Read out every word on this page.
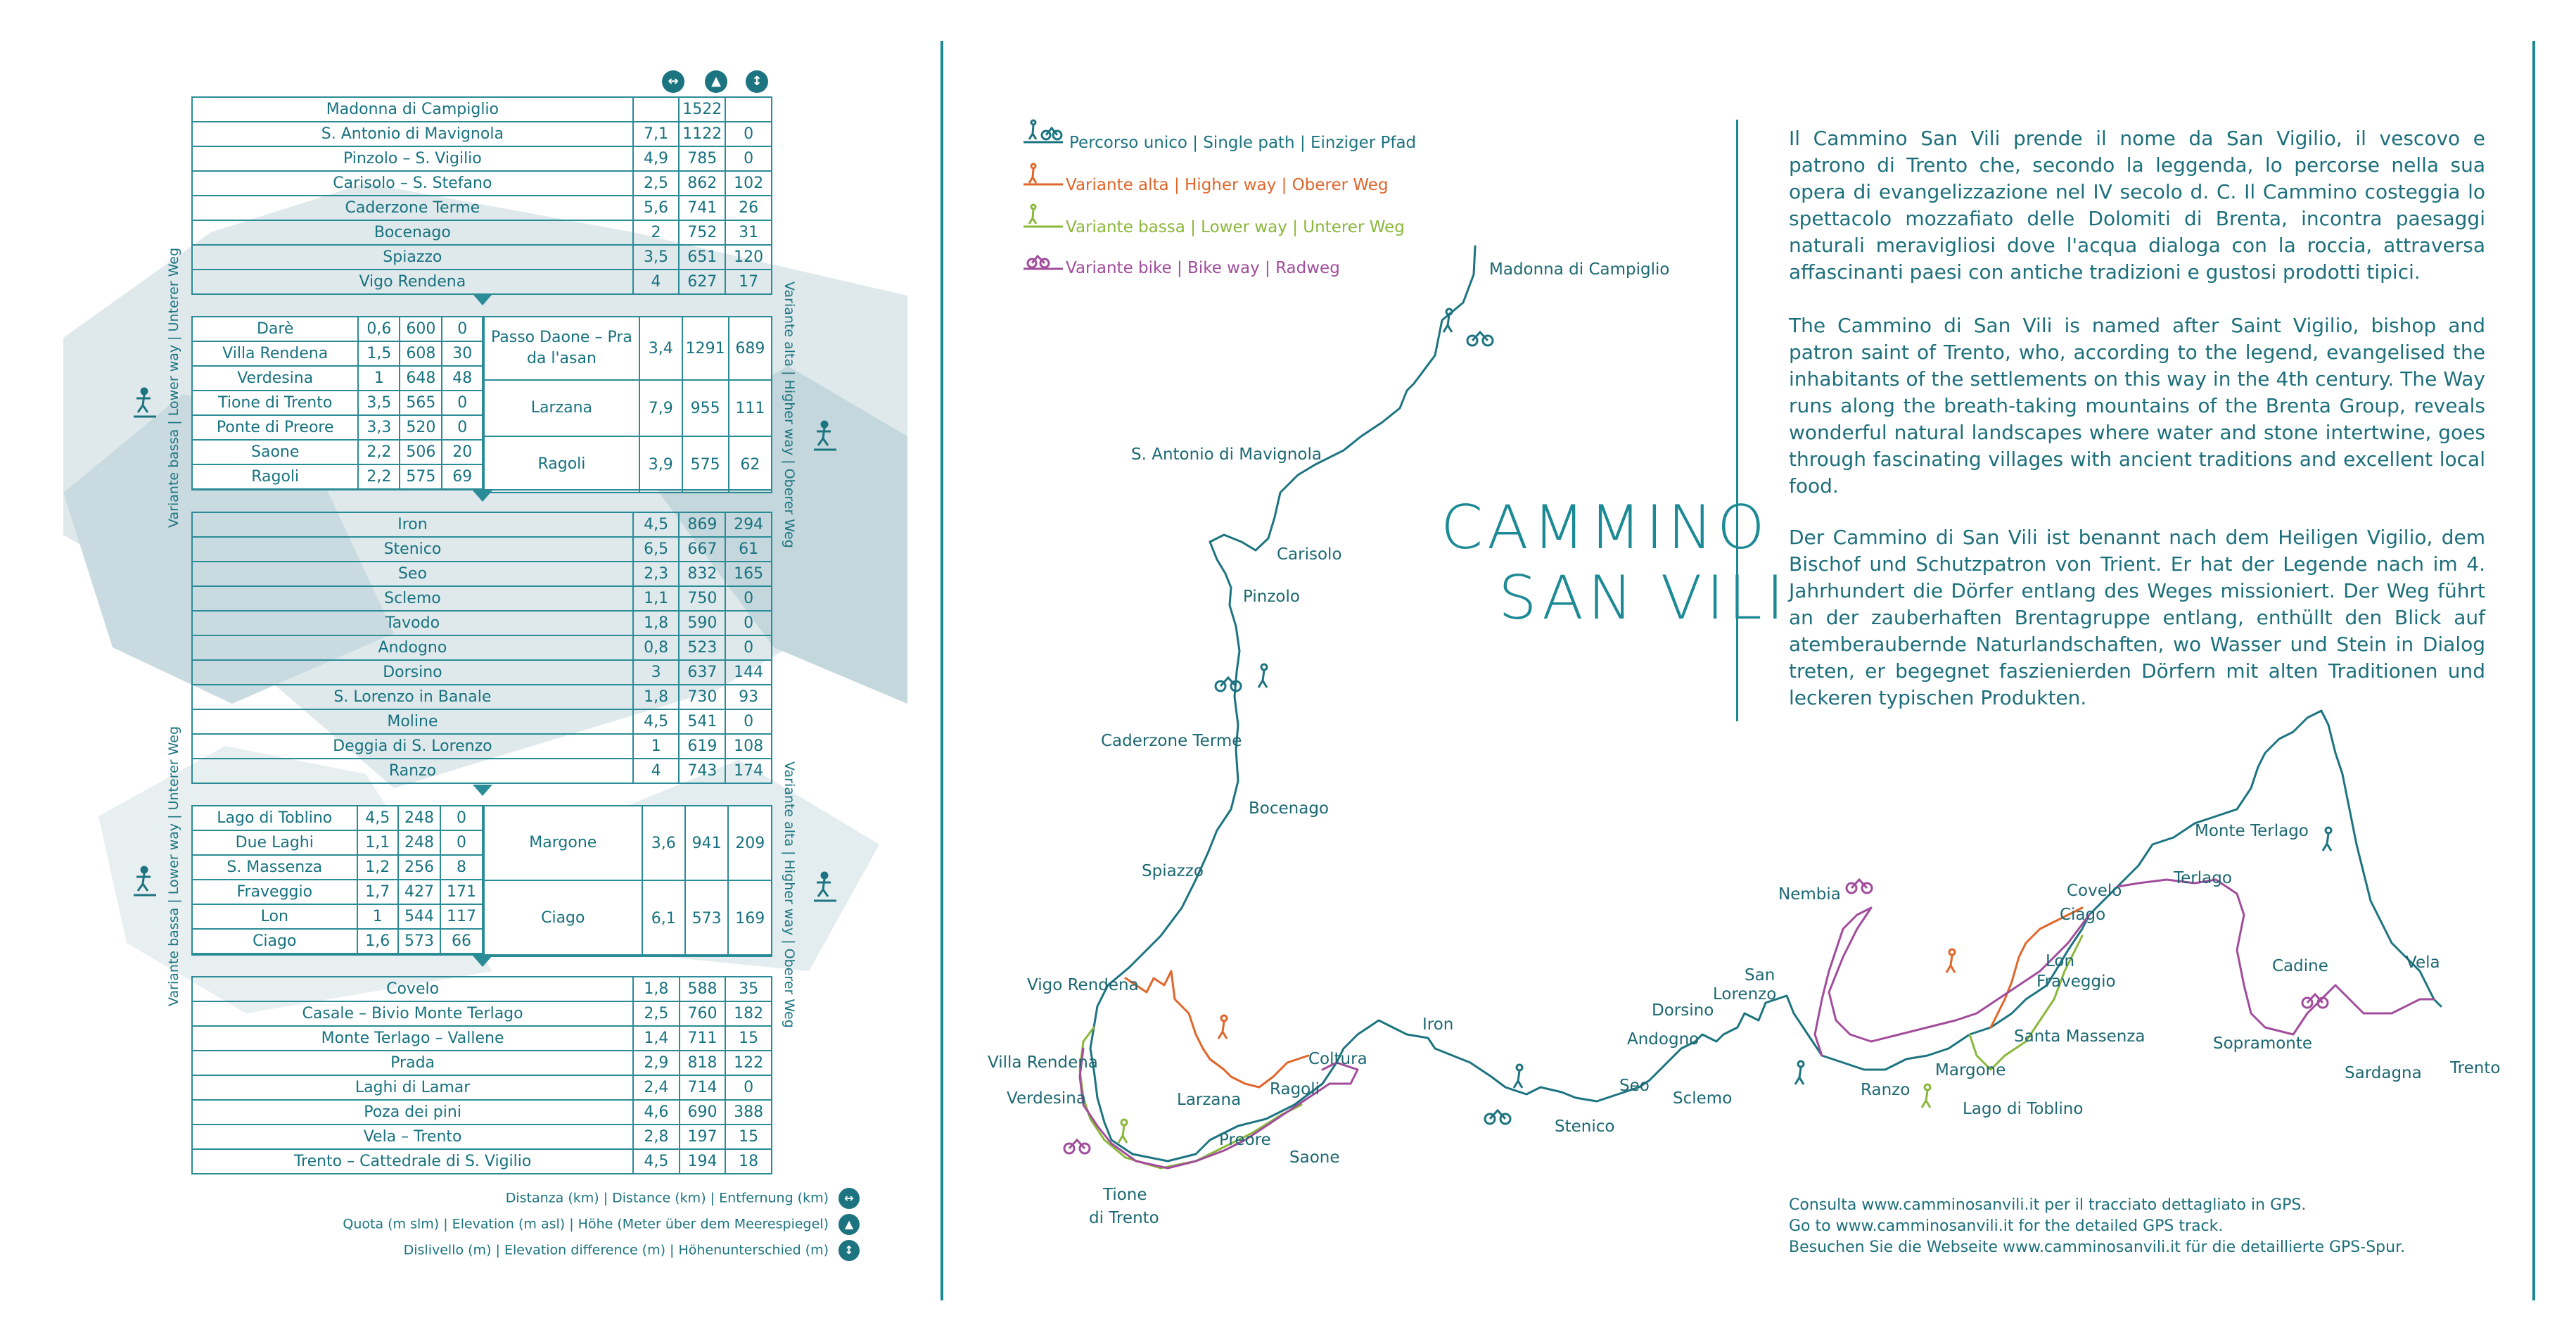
↔	▲	↕
Madonna di Campiglio		1522	
S. Antonio di Mavignola	7,1	1122	0
Pinzolo – S. Vigilio	4,9	785	0
Carisolo – S. Stefano	2,5	862	102
Caderzone Terme	5,6	741	26
Bocenago	2	752	31
Spiazzo	3,5	651	120
Vigo Rendena	4	627	17
Darè	0,6	600	0
Villa Rendena	1,5	608	30
Verdesina	1	648	48
Tione di Trento	3,5	565	0
Ponte di Preore	3,3	520	0
Saone	2,2	506	20
Ragoli	2,2	575	69
Passo Daone – Pra da l'asan	3,4	1291	689
Larzana	7,9	955	111
Ragoli	3,9	575	62
Iron	4,5	869	294
Stenico	6,5	667	61
Seo	2,3	832	165
Sclemo	1,1	750	0
Tavodo	1,8	590	0
Andogno	0,8	523	0
Dorsino	3	637	144
S. Lorenzo in Banale	1,8	730	93
Moline	4,5	541	0
Deggia di S. Lorenzo	1	619	108
Ranzo	4	743	174
Lago di Toblino	4,5	248	0
Due Laghi	1,1	248	0
S. Massenza	1,2	256	8
Fraveggio	1,7	427	171
Lon	1	544	117
Ciago	1,6	573	66
Margone	3,6	941	209
Ciago	6,1	573	169
Covelo	1,8	588	35
Casale – Bivio Monte Terlago	2,5	760	182
Monte Terlago – Vallene	1,4	711	15
Prada	2,9	818	122
Laghi di Lamar	2,4	714	0
Poza dei pini	4,6	690	388
Vela – Trento	2,8	197	15
Trento – Cattedrale di S. Vigilio	4,5	194	18
Variante bassa | Lower way | Unterer Weg	Variante alta | Higher way | Oberer Weg
Variante bassa | Lower way | Unterer Weg	Variante alta | Higher way | Oberer Weg
Distanza (km) | Distance (km) | Entfernung (km) ↔
Quota (m slm) | Elevation (m asl) | Höhe (Meter über dem Meerespiegel) ▲
Dislivello (m) | Elevation difference (m) | Höhenunterschied (m) ↕
Percorso unico | Single path | Einziger Pfad
Variante alta | Higher way | Oberer Weg
Variante bassa | Lower way | Unterer Weg
Variante bike | Bike way | Radweg
CAMMINO
SAN VILI
Il Cammino San Vili prende il nome da San Vigilio, il vescovo e patrono di Trento che, secondo la leggenda, lo percorse nella sua opera di evangelizzazione nel IV secolo d. C. Il Cammino costeggia lo spettacolo mozzafiato delle Dolomiti di Brenta, incontra paesaggi naturali meravigliosi dove l'acqua dialoga con la roccia, attraversa affascinanti paesi con antiche tradizioni e gustosi prodotti tipici.
The Cammino di San Vili is named after Saint Vigilio, bishop and patron saint of Trento, who, according to the legend, evangelised the inhabitants of the settlements on this way in the 4th century. The Way runs along the breath-taking mountains of the Brenta Group, reveals wonderful natural landscapes where water and stone intertwine, goes through fascinating villages with ancient traditions and excellent local food.
Der Cammino di San Vili ist benannt nach dem Heiligen Vigilio, dem Bischof und Schutzpatron von Trient. Er hat der Legende nach im 4. Jahrhundert die Dörfer entlang des Weges missioniert. Der Weg führt an der zauberhaften Brentagruppe entlang, enthüllt den Blick auf atemberaubernde Naturlandschaften, wo Wasser und Stein in Dialog treten, er begegnet faszienierden Dörfern mit alten Traditionen und leckeren typischen Produkten.
Madonna di Campiglio
S. Antonio di Mavignola
Carisolo
Pinzolo
Caderzone Terme
Bocenago
Spiazzo
Vigo Rendena
Villa Rendena
Verdesina	Larzana
Ragoli
Coltura
Iron
Preore
Saone
Tione
di Trento
Stenico
Seo
Sclemo
Andogno
Dorsino
San
Lorenzo
Nembia
Ranzo
Margone
Lago di Toblino
Santa Massenza
Lon
Fraveggio
Covelo
Ciago
Terlago
Monte Terlago
Cadine	Vela
Sopramonte
Sardagna Trento
Consulta www.camminosanvili.it per il tracciato dettagliato in GPS.
Go to www.camminosanvili.it for the detailed GPS track.
Besuchen Sie die Webseite www.camminosanvili.it für die detaillierte GPS-Spur.
